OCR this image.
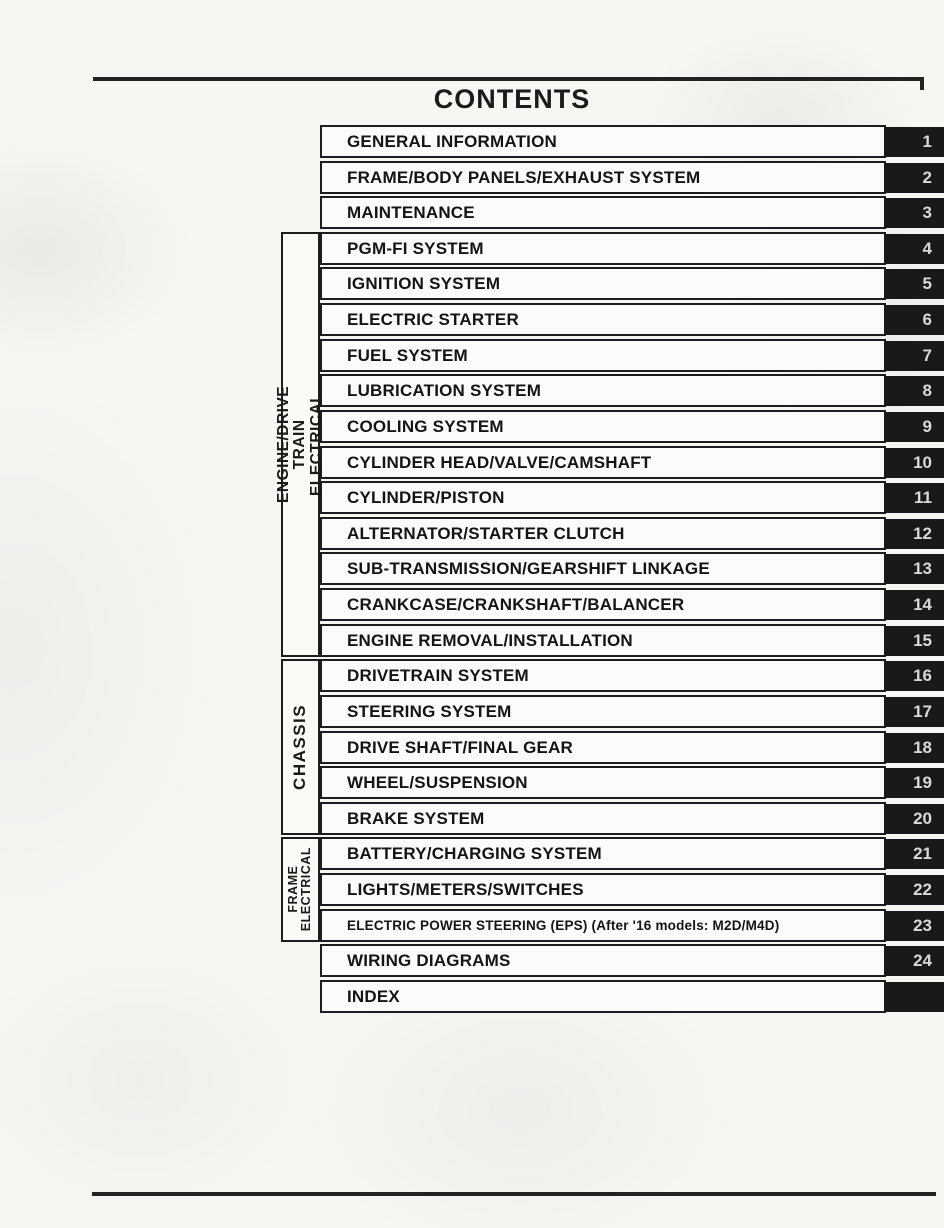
CONTENTS
GENERAL INFORMATION	1
FRAME/BODY PANELS/EXHAUST SYSTEM	2
MAINTENANCE	3
PGM-FI SYSTEM	4
IGNITION SYSTEM	5
ELECTRIC STARTER	6
FUEL SYSTEM	7
LUBRICATION SYSTEM	8
COOLING SYSTEM	9
CYLINDER HEAD/VALVE/CAMSHAFT	10
CYLINDER/PISTON	11
ALTERNATOR/STARTER CLUTCH	12
SUB-TRANSMISSION/GEARSHIFT LINKAGE	13
CRANKCASE/CRANKSHAFT/BALANCER	14
ENGINE REMOVAL/INSTALLATION	15
DRIVETRAIN SYSTEM	16
STEERING SYSTEM	17
DRIVE SHAFT/FINAL GEAR	18
WHEEL/SUSPENSION	19
BRAKE SYSTEM	20
BATTERY/CHARGING SYSTEM	21
LIGHTS/METERS/SWITCHES	22
ELECTRIC POWER STEERING (EPS) (After '16 models: M2D/M4D)	23
WIRING DIAGRAMS	24
INDEX
ENGINE/DRIVE TRAIN ELECTRICAL
CHASSIS
FRAME ELECTRICAL
